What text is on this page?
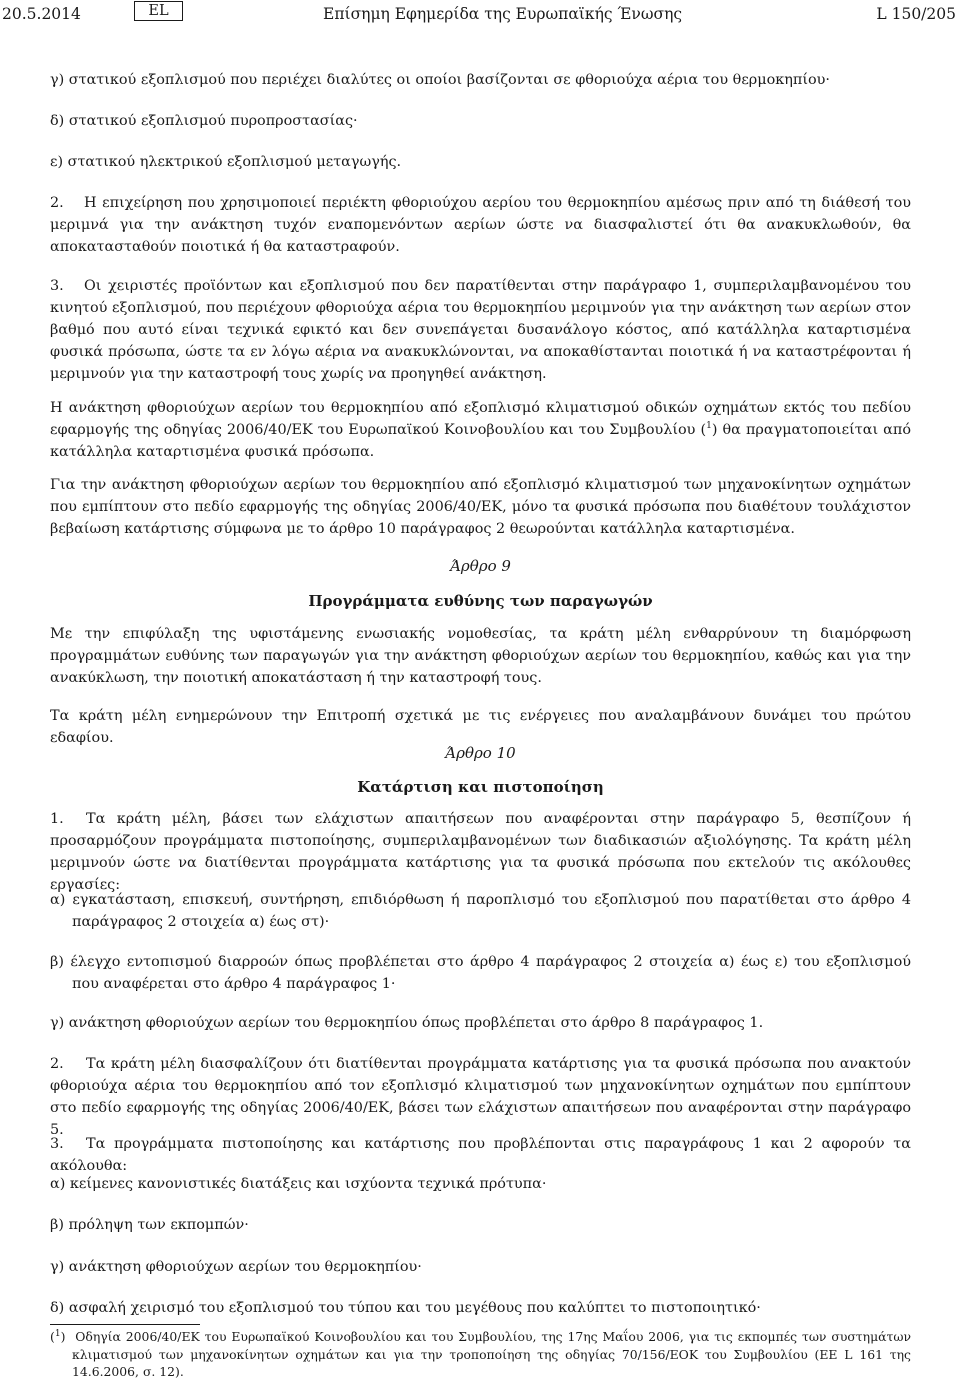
20.5.2014	EL	Επίσημη Εφημερίδα της Ευρωπαϊκής Ένωσης	L 150/205
γ) στατικού εξοπλισμού που περιέχει διαλύτες οι οποίοι βασίζονται σε φθοριούχα αέρια του θερμοκηπίου·
δ) στατικού εξοπλισμού πυροπροστασίας·
ε) στατικού ηλεκτρικού εξοπλισμού μεταγωγής.
2. Η επιχείρηση που χρησιμοποιεί περιέκτη φθοριούχου αερίου του θερμοκηπίου αμέσως πριν από τη διάθεσή του μεριμνά για την ανάκτηση τυχόν εναπομενόντων αερίων ώστε να διασφαλιστεί ότι θα ανακυκλωθούν, θα αποκατασταθούν ποιοτικά ή θα καταστραφούν.
3. Οι χειριστές προϊόντων και εξοπλισμού που δεν παρατίθενται στην παράγραφο 1, συμπεριλαμβανομένου του κινητού εξοπλισμού, που περιέχουν φθοριούχα αέρια του θερμοκηπίου μεριμνούν για την ανάκτηση των αερίων στον βαθμό που αυτό είναι τεχνικά εφικτό και δεν συνεπάγεται δυσανάλογο κόστος, από κατάλληλα καταρτισμένα φυσικά πρόσωπα, ώστε τα εν λόγω αέρια να ανακυκλώνονται, να αποκαθίστανται ποιοτικά ή να καταστρέφονται ή μεριμνούν για την καταστροφή τους χωρίς να προηγηθεί ανάκτηση.
Η ανάκτηση φθοριούχων αερίων του θερμοκηπίου από εξοπλισμό κλιματισμού οδικών οχημάτων εκτός του πεδίου εφαρμογής της οδηγίας 2006/40/ΕΚ του Ευρωπαϊκού Κοινοβουλίου και του Συμβουλίου ($^1$) θα πραγματοποιείται από κατάλληλα καταρτισμένα φυσικά πρόσωπα.
Για την ανάκτηση φθοριούχων αερίων του θερμοκηπίου από εξοπλισμό κλιματισμού των μηχανοκίνητων οχημάτων που εμπίπτουν στο πεδίο εφαρμογής της οδηγίας 2006/40/ΕΚ, μόνο τα φυσικά πρόσωπα που διαθέτουν τουλάχιστον βεβαίωση κατάρτισης σύμφωνα με το άρθρο 10 παράγραφος 2 θεωρούνται κατάλληλα καταρτισμένα.
Άρθρο 9
Προγράμματα ευθύνης των παραγωγών
Με την επιφύλαξη της υφιστάμενης ενωσιακής νομοθεσίας, τα κράτη μέλη ενθαρρύνουν τη διαμόρφωση προγραμμάτων ευθύνης των παραγωγών για την ανάκτηση φθοριούχων αερίων του θερμοκηπίου, καθώς και για την ανακύκλωση, την ποιοτική αποκατάσταση ή την καταστροφή τους.
Τα κράτη μέλη ενημερώνουν την Επιτροπή σχετικά με τις ενέργειες που αναλαμβάνουν δυνάμει του πρώτου εδαφίου.
Άρθρο 10
Κατάρτιση και πιστοποίηση
1. Τα κράτη μέλη, βάσει των ελάχιστων απαιτήσεων που αναφέρονται στην παράγραφο 5, θεσπίζουν ή προσαρμόζουν προγράμματα πιστοποίησης, συμπεριλαμβανομένων των διαδικασιών αξιολόγησης. Τα κράτη μέλη μεριμνούν ώστε να διατίθενται προγράμματα κατάρτισης για τα φυσικά πρόσωπα που εκτελούν τις ακόλουθες εργασίες:
α) εγκατάσταση, επισκευή, συντήρηση, επιδιόρθωση ή παροπλισμό του εξοπλισμού που παρατίθεται στο άρθρο 4 παράγραφος 2 στοιχεία α) έως στ)·
β) έλεγχο εντοπισμού διαρροών όπως προβλέπεται στο άρθρο 4 παράγραφος 2 στοιχεία α) έως ε) του εξοπλισμού που αναφέρεται στο άρθρο 4 παράγραφος 1·
γ) ανάκτηση φθοριούχων αερίων του θερμοκηπίου όπως προβλέπεται στο άρθρο 8 παράγραφος 1.
2. Τα κράτη μέλη διασφαλίζουν ότι διατίθενται προγράμματα κατάρτισης για τα φυσικά πρόσωπα που ανακτούν φθοριούχα αέρια του θερμοκηπίου από τον εξοπλισμό κλιματισμού των μηχανοκίνητων οχημάτων που εμπίπτουν στο πεδίο εφαρμογής της οδηγίας 2006/40/ΕΚ, βάσει των ελάχιστων απαιτήσεων που αναφέρονται στην παράγραφο 5.
3. Τα προγράμματα πιστοποίησης και κατάρτισης που προβλέπονται στις παραγράφους 1 και 2 αφορούν τα ακόλουθα:
α) κείμενες κανονιστικές διατάξεις και ισχύοντα τεχνικά πρότυπα·
β) πρόληψη των εκπομπών·
γ) ανάκτηση φθοριούχων αερίων του θερμοκηπίου·
δ) ασφαλή χειρισμό του εξοπλισμού του τύπου και του μεγέθους που καλύπτει το πιστοποιητικό·
($^1$)  Οδηγία 2006/40/ΕΚ του Ευρωπαϊκού Κοινοβουλίου και του Συμβουλίου, της 17ης Μαΐου 2006, για τις εκπομπές των συστημάτων κλιματισμού των μηχανοκίνητων οχημάτων και για την τροποποίηση της οδηγίας 70/156/ΕΟΚ του Συμβουλίου (ΕΕ L 161 της 14.6.2006, σ. 12).
